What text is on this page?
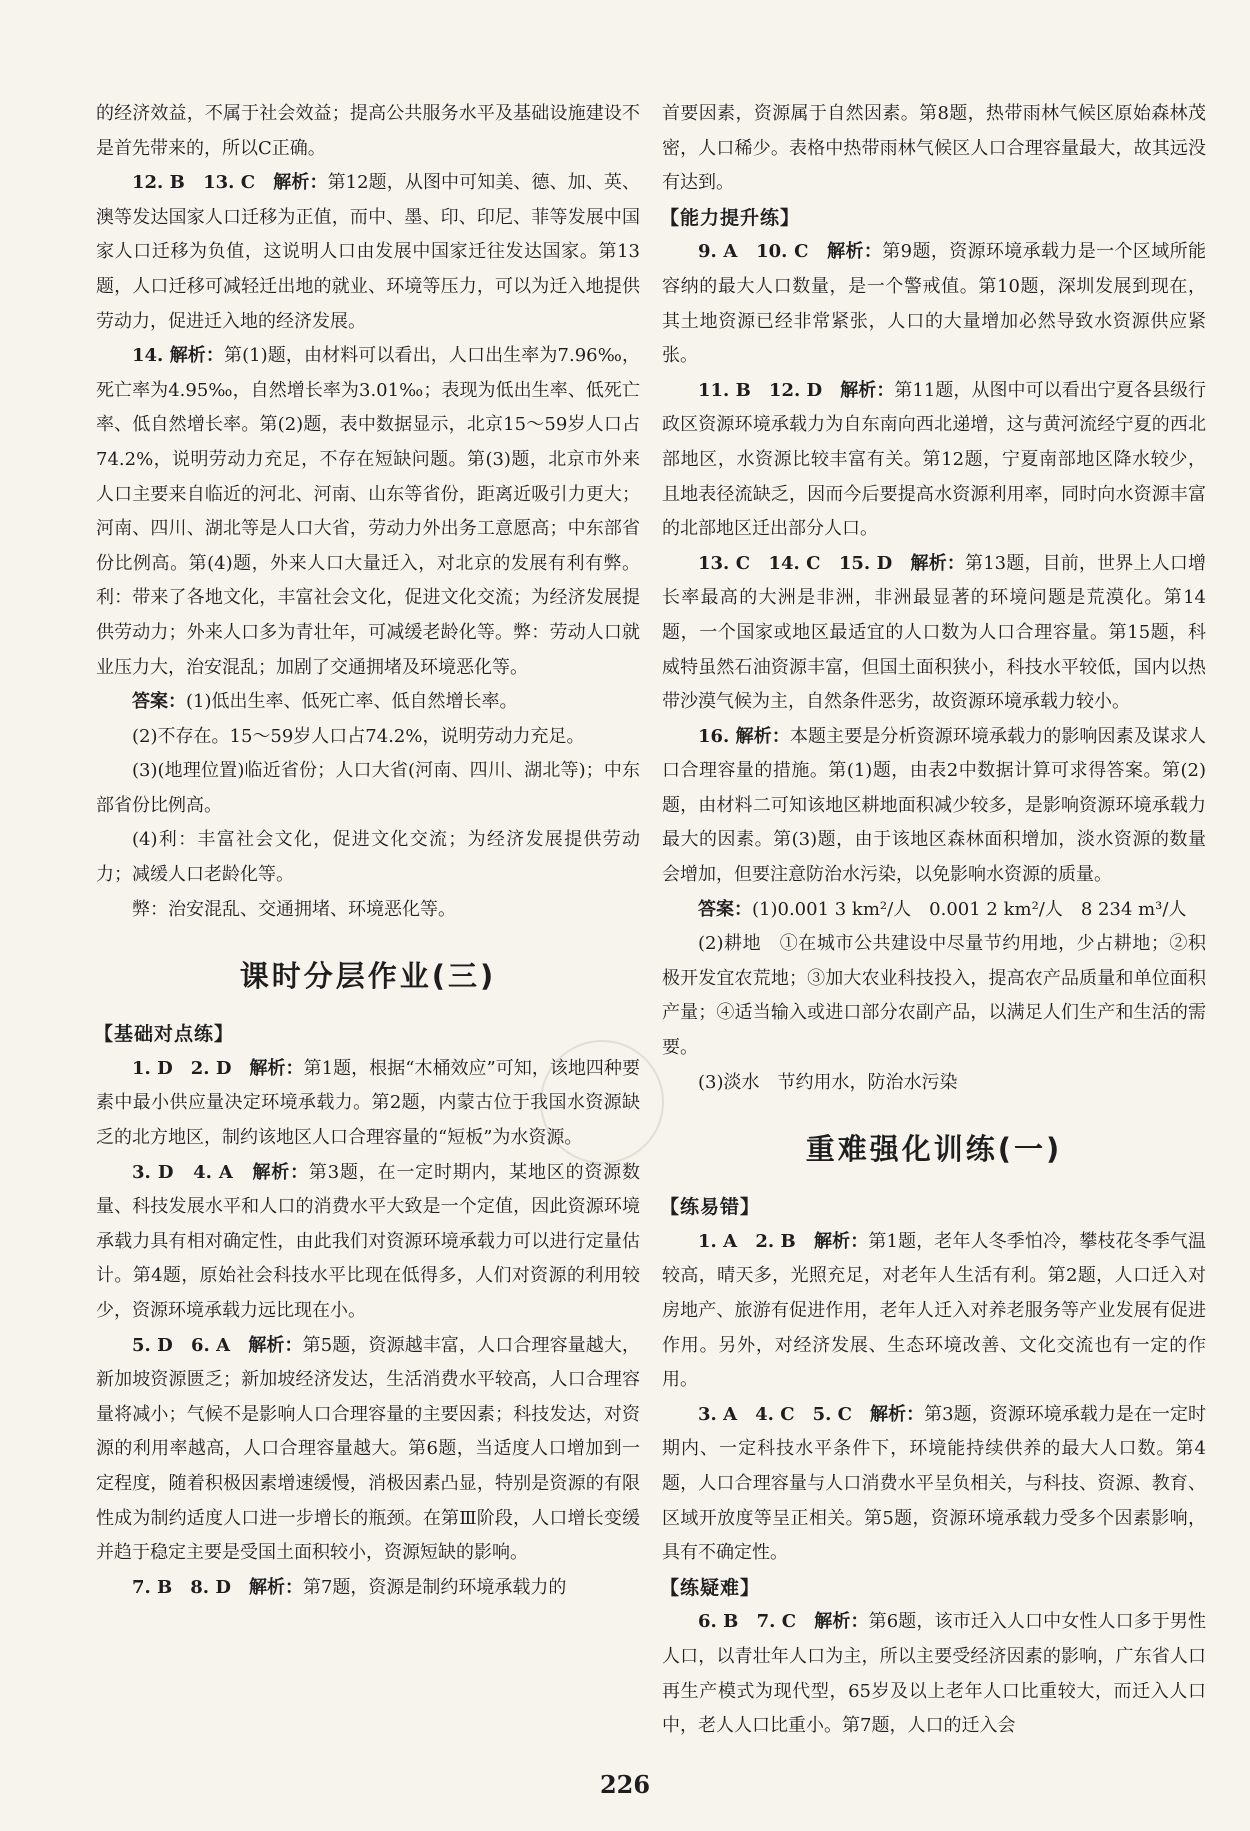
的经济效益，不属于社会效益；提高公共服务水平及基础设施建设不是首先带来的，所以C正确。

12. B　13. C　解析：第12题，从图中可知美、德、加、英、澳等发达国家人口迁移为正值，而中、墨、印、印尼、菲等发展中国家人口迁移为负值，这说明人口由发展中国家迁往发达国家。第13题，人口迁移可减轻迁出地的就业、环境等压力，可以为迁入地提供劳动力，促进迁入地的经济发展。

14. 解析：第(1)题，由材料可以看出，人口出生率为7.96‰，死亡率为4.95‰，自然增长率为3.01‰；表现为低出生率、低死亡率、低自然增长率。第(2)题，表中数据显示，北京15～59岁人口占74.2%，说明劳动力充足，不存在短缺问题。第(3)题，北京市外来人口主要来自临近的河北、河南、山东等省份，距离近吸引力更大；河南、四川、湖北等是人口大省，劳动力外出务工意愿高；中东部省份比例高。第(4)题，外来人口大量迁入，对北京的发展有利有弊。利：带来了各地文化，丰富社会文化，促进文化交流；为经济发展提供劳动力；外来人口多为青壮年，可减缓老龄化等。弊：劳动人口就业压力大，治安混乱；加剧了交通拥堵及环境恶化等。

答案：(1)低出生率、低死亡率、低自然增长率。

(2)不存在。15～59岁人口占74.2%，说明劳动力充足。

(3)(地理位置)临近省份；人口大省(河南、四川、湖北等)；中东部省份比例高。

(4)利：丰富社会文化，促进文化交流；为经济发展提供劳动力；减缓人口老龄化等。

弊：治安混乱、交通拥堵、环境恶化等。

课时分层作业(三)
【基础对点练】

1. D　2. D　解析：第1题，根据“木桶效应”可知，该地四种要素中最小供应量决定环境承载力。第2题，内蒙古位于我国水资源缺乏的北方地区，制约该地区人口合理容量的“短板”为水资源。

3. D　4. A　解析：第3题，在一定时期内，某地区的资源数量、科技发展水平和人口的消费水平大致是一个定值，因此资源环境承载力具有相对确定性，由此我们对资源环境承载力可以进行定量估计。第4题，原始社会科技水平比现在低得多，人们对资源的利用较少，资源环境承载力远比现在小。

5. D　6. A　解析：第5题，资源越丰富，人口合理容量越大，新加坡资源匮乏；新加坡经济发达，生活消费水平较高，人口合理容量将减小；气候不是影响人口合理容量的主要因素；科技发达，对资源的利用率越高，人口合理容量越大。第6题，当适度人口增加到一定程度，随着积极因素增速缓慢，消极因素凸显，特别是资源的有限性成为制约适度人口进一步增长的瓶颈。在第Ⅲ阶段，人口增长变缓并趋于稳定主要是受国土面积较小，资源短缺的影响。

7. B　8. D　解析：第7题，资源是制约环境承载力的

首要因素，资源属于自然因素。第8题，热带雨林气候区原始森林茂密，人口稀少。表格中热带雨林气候区人口合理容量最大，故其远没有达到。

【能力提升练】

9. A　10. C　解析：第9题，资源环境承载力是一个区域所能容纳的最大人口数量，是一个警戒值。第10题，深圳发展到现在，其土地资源已经非常紧张，人口的大量增加必然导致水资源供应紧张。

11. B　12. D　解析：第11题，从图中可以看出宁夏各县级行政区资源环境承载力为自东南向西北递增，这与黄河流经宁夏的西北部地区，水资源比较丰富有关。第12题，宁夏南部地区降水较少，且地表径流缺乏，因而今后要提高水资源利用率，同时向水资源丰富的北部地区迁出部分人口。

13. C　14. C　15. D　解析：第13题，目前，世界上人口增长率最高的大洲是非洲，非洲最显著的环境问题是荒漠化。第14题，一个国家或地区最适宜的人口数为人口合理容量。第15题，科威特虽然石油资源丰富，但国土面积狭小，科技水平较低，国内以热带沙漠气候为主，自然条件恶劣，故资源环境承载力较小。

16. 解析：本题主要是分析资源环境承载力的影响因素及谋求人口合理容量的措施。第(1)题，由表2中数据计算可求得答案。第(2)题，由材料二可知该地区耕地面积减少较多，是影响资源环境承载力最大的因素。第(3)题，由于该地区森林面积增加，淡水资源的数量会增加，但要注意防治水污染，以免影响水资源的质量。

答案：(1)0.001 3 km²/人　0.001 2 km²/人　8 234 m³/人

(2)耕地　①在城市公共建设中尽量节约用地，少占耕地；②积极开发宜农荒地；③加大农业科技投入，提高农产品质量和单位面积产量；④适当输入或进口部分农副产品，以满足人们生产和生活的需要。

(3)淡水　节约用水，防治水污染

重难强化训练(一)
【练易错】

1. A　2. B　解析：第1题，老年人冬季怕冷，攀枝花冬季气温较高，晴天多，光照充足，对老年人生活有利。第2题，人口迁入对房地产、旅游有促进作用，老年人迁入对养老服务等产业发展有促进作用。另外，对经济发展、生态环境改善、文化交流也有一定的作用。

3. A　4. C　5. C　解析：第3题，资源环境承载力是在一定时期内、一定科技水平条件下，环境能持续供养的最大人口数。第4题，人口合理容量与人口消费水平呈负相关，与科技、资源、教育、区域开放度等呈正相关。第5题，资源环境承载力受多个因素影响，具有不确定性。

【练疑难】

6. B　7. C　解析：第6题，该市迁入人口中女性人口多于男性人口，以青壮年人口为主，所以主要受经济因素的影响，广东省人口再生产模式为现代型，65岁及以上老年人口比重较大，而迁入人口中，老人人口比重小。第7题，人口的迁入会

226
